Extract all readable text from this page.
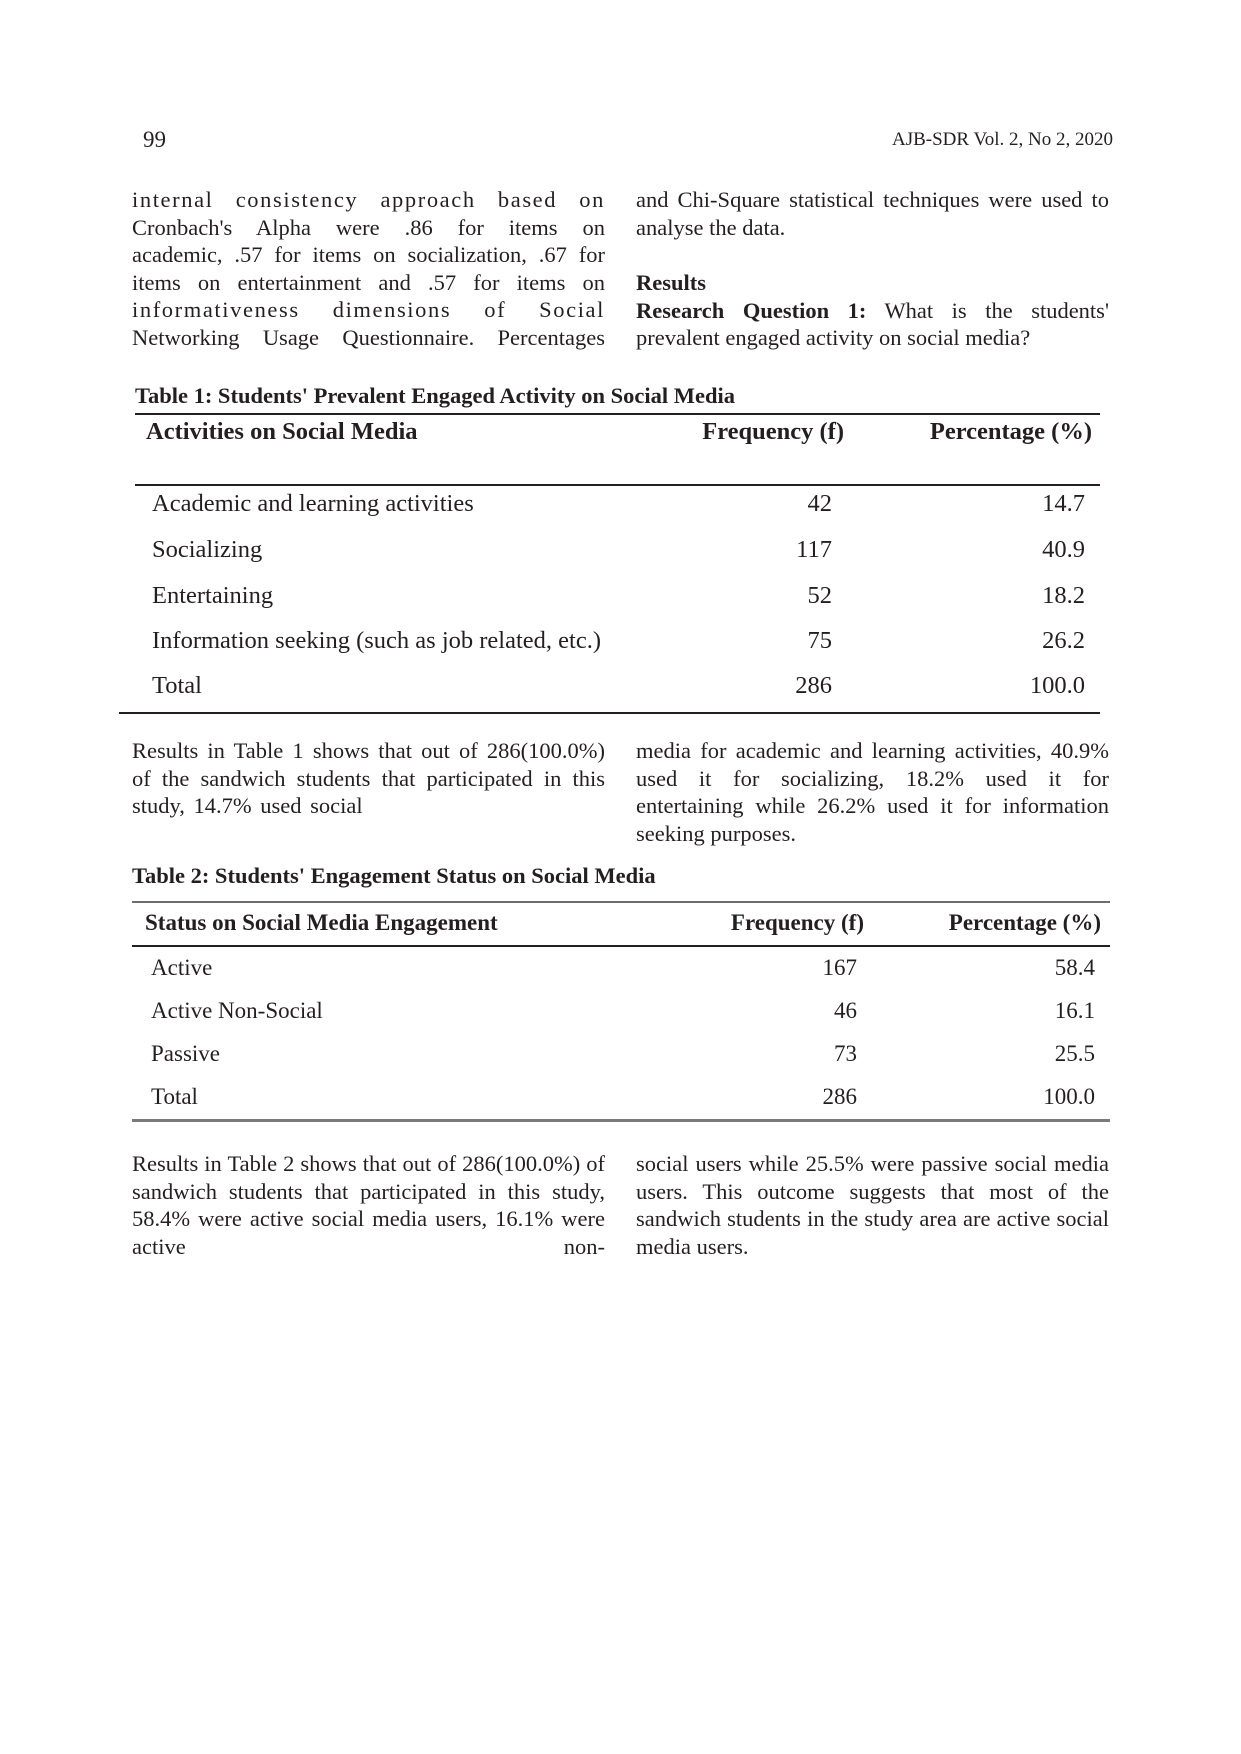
99	AJB-SDR Vol. 2, No 2, 2020

internal consistency approach based on

Cronbach's Alpha were .86 for items on

academic, .57 for items on socialization, .67 for

items on entertainment and .57 for items on

informativeness dimensions of Social

Networking Usage Questionnaire. Percentages

and Chi-Square statistical techniques were used to analyse the data.

Results

Research Question 1: What is the students' prevalent engaged activity on social media?

Table 1: Students' Prevalent Engaged Activity on Social Media
Activities on Social Media	Frequency (f)	Percentage (%)
Academic and learning activities	42	14.7
Socializing	117	40.9
Entertaining	52	18.2
Information seeking (such as job related, etc.)	75	26.2
Total	286	100.0

Results in Table 1 shows that out of 286(100.0%) of the sandwich students that participated in this study, 14.7% used social

media for academic and learning activities, 40.9% used it for socializing, 18.2% used it for entertaining while 26.2% used it for information seeking purposes.

Table 2: Students' Engagement Status on Social Media
Status on Social Media Engagement	Frequency (f)	Percentage (%)
Active	167	58.4
Active Non-Social	46	16.1
Passive	73	25.5
Total	286	100.0

Results in Table 2 shows that out of 286(100.0%) of sandwich students that participated in this study, 58.4% were active social media users, 16.1% were active non-

social users while 25.5% were passive social media users. This outcome suggests that most of the sandwich students in the study area are active social media users.
